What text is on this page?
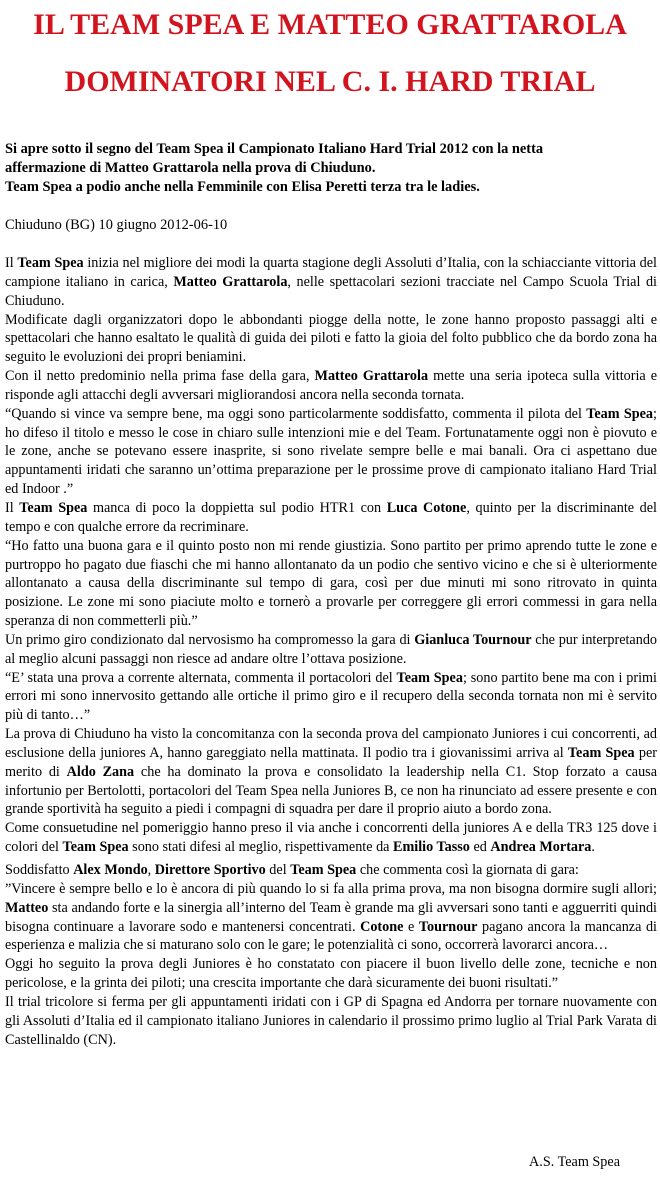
IL TEAM SPEA E MATTEO GRATTAROLA
DOMINATORI NEL C. I. HARD TRIAL
Si apre sotto il segno del Team Spea il Campionato Italiano Hard Trial 2012 con la netta
affermazione di Matteo Grattarola nella prova di Chiuduno.
Team Spea a podio anche nella Femminile con Elisa Peretti terza tra le ladies.
Chiuduno (BG) 10 giugno 2012-06-10

Il Team Spea inizia nel migliore dei modi la quarta stagione degli Assoluti d’Italia, con la schiacciante vittoria del campione italiano in carica, Matteo Grattarola, nelle spettacolari sezioni tracciate nel Campo Scuola Trial di Chiuduno.

Modificate dagli organizzatori dopo le abbondanti piogge della notte, le zone hanno proposto passaggi alti e spettacolari che hanno esaltato le qualità di guida dei piloti e fatto la gioia del folto pubblico che da bordo zona ha seguito le evoluzioni dei propri beniamini.

Con il netto predominio nella prima fase della gara, Matteo Grattarola mette una seria ipoteca sulla vittoria e risponde agli attacchi degli avversari migliorandosi ancora nella seconda tornata.

“Quando si vince va sempre bene, ma oggi sono particolarmente soddisfatto, commenta il pilota del Team Spea; ho difeso il titolo e messo le cose in chiaro sulle intenzioni mie e del Team. Fortunatamente oggi non è piovuto e le zone, anche se potevano essere inasprite, si sono rivelate sempre belle e mai banali. Ora ci aspettano due appuntamenti iridati che saranno un’ottima preparazione per le prossime prove di campionato italiano Hard Trial ed Indoor .”

Il Team Spea manca di poco la doppietta sul podio HTR1 con Luca Cotone, quinto per la discriminante del tempo e con qualche errore da recriminare.

“Ho fatto una buona gara e il quinto posto non mi rende giustizia. Sono partito per primo aprendo tutte le zone e purtroppo ho pagato due fiaschi che mi hanno allontanato da un podio che sentivo vicino e che si è ulteriormente allontanato a causa della discriminante sul tempo di gara, così per due minuti mi sono ritrovato in quinta posizione. Le zone mi sono piaciute molto e tornerò a provarle per correggere gli errori commessi in gara nella speranza di non commetterli più.”

Un primo giro condizionato dal nervosismo ha compromesso la gara di Gianluca Tournour che pur interpretando al meglio alcuni passaggi non riesce ad andare oltre l’ottava posizione.

“E’ stata una prova a corrente alternata, commenta il portacolori del Team Spea; sono partito bene ma con i primi errori mi sono innervosito gettando alle ortiche il primo giro e il recupero della seconda tornata non mi è servito più di tanto…”

La prova di Chiuduno ha visto la concomitanza con la seconda prova del campionato Juniores i cui concorrenti, ad esclusione della juniores A, hanno gareggiato nella mattinata. Il podio tra i giovanissimi arriva al Team Spea per merito di Aldo Zana che ha dominato la prova e consolidato la leadership nella C1. Stop forzato a causa infortunio per Bertolotti, portacolori del Team Spea nella Juniores B, ce non ha rinunciato ad essere presente e con grande sportività ha seguito a piedi i compagni di squadra per dare il proprio aiuto a bordo zona.

Come consuetudine nel pomeriggio hanno preso il via anche i concorrenti della juniores A e della TR3 125 dove i colori del Team Spea sono stati difesi al meglio, rispettivamente da Emilio Tasso ed Andrea Mortara.

Soddisfatto Alex Mondo, Direttore Sportivo del Team Spea che commenta così la giornata di gara:

”Vincere è sempre bello e lo è ancora di più quando lo si fa alla prima prova, ma non bisogna dormire sugli allori; Matteo sta andando forte e la sinergia all’interno del Team è grande ma gli avversari sono tanti e agguerriti quindi bisogna continuare a lavorare sodo e mantenersi concentrati. Cotone e Tournour pagano ancora la mancanza di esperienza e malizia che si maturano solo con le gare; le potenzialità ci sono, occorrerà lavorarci ancora…

Oggi ho seguito la prova degli Juniores è ho constatato con piacere il buon livello delle zone, tecniche e non pericolose, e la grinta dei piloti; una crescita importante che darà sicuramente dei buoni risultati.”

Il trial tricolore si ferma per gli appuntamenti iridati con i GP di Spagna ed Andorra per tornare nuovamente con gli Assoluti d’Italia ed il campionato italiano Juniores in calendario il prossimo primo luglio al Trial Park Varata di Castellinaldo (CN).

A.S. Team Spea
